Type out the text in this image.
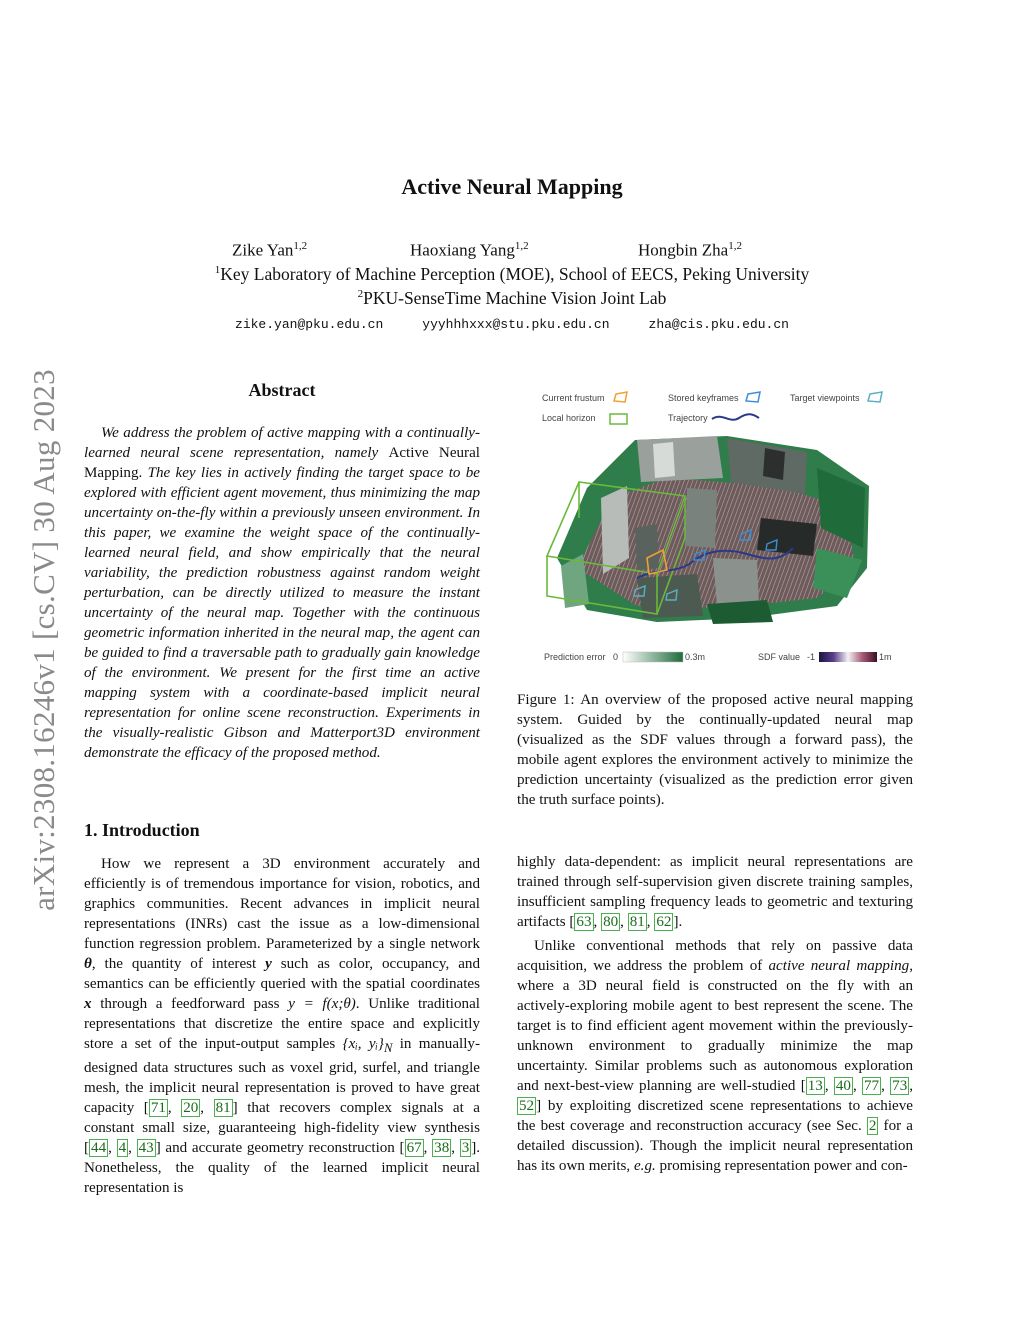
Active Neural Mapping
Zike Yan$^{1,2}$	Haoxiang Yang$^{1,2}$	Hongbin Zha$^{1,2}$
$^1$Key Laboratory of Machine Perception (MOE), School of EECS, Peking University
$^2$PKU-SenseTime Machine Vision Joint Lab
zike.yan@pku.edu.cn	yyyhhhxxx@stu.pku.edu.cn	zha@cis.pku.edu.cn
arXiv:2308.16246v1 [cs.CV] 30 Aug 2023	Abstract

We address the problem of active mapping with a continually-learned neural scene representation, namely Active Neural Mapping. The key lies in actively finding the target space to be explored with efficient agent movement, thus minimizing the map uncertainty on-the-fly within a previously unseen environment. In this paper, we examine the weight space of the continually-learned neural field, and show empirically that the neural variability, the prediction robustness against random weight perturbation, can be directly utilized to measure the instant uncertainty of the neural map. Together with the continuous geometric information inherited in the neural map, the agent can be guided to find a traversable path to gradually gain knowledge of the environment. We present for the first time an active mapping system with a coordinate-based implicit neural representation for online scene reconstruction. Experiments in the visually-realistic Gibson and Matterport3D environment demonstrate the efficacy of the proposed method.

1. Introduction

How we represent a 3D environment accurately and efficiently is of tremendous importance for vision, robotics, and graphics communities. Recent advances in implicit neural representations (INRs) cast the issue as a low-dimensional function regression problem. Parameterized by a single network θ, the quantity of interest y such as color, occupancy, and semantics can be efficiently queried with the spatial coordinates x through a feedforward pass y = f(x;θ). Unlike traditional representations that discretize the entire space and explicitly store a set of the input-output samples {xᵢ, $yᵢ\}_N$ in manually-designed data structures such as voxel grid, surfel, and triangle mesh, the implicit neural representation is proved to have great capacity [ 71 , 20 , 81 ] that recovers complex signals at a constant small size, guaranteeing high-fidelity view synthesis [ 44 , 4 , 43 ] and accurate geometry reconstruction [ 67 , 38 , 3 ]. Nonetheless, the quality of the learned implicit neural representation is

Current frustum	Stored keyframes	Target viewpoints
Local horizon	Trajectory
Prediction error 0	0.3m	SDF value -1	1m

Figure 1: An overview of the proposed active neural mapping system. Guided by the continually-updated neural map (visualized as the SDF values through a forward pass), the mobile agent explores the environment actively to minimize the prediction uncertainty (visualized as the prediction error given the truth surface points).

highly data-dependent: as implicit neural representations are trained through self-supervision given discrete training samples, insufficient sampling frequency leads to geometric and texturing artifacts [ 63 , 80 , 81 , 62 ].

Unlike conventional methods that rely on passive data acquisition, we address the problem of active neural mapping, where a 3D neural field is constructed on the fly with an actively-exploring mobile agent to best represent the scene. The target is to find efficient agent movement within the previously-unknown environment to gradually minimize the map uncertainty. Similar problems such as autonomous exploration and next-best-view planning are well-studied [ 13 , 40 , 77 , 73 , 52 ] by exploiting discretized scene representations to achieve the best coverage and reconstruction accuracy (see Sec. 2 for a detailed discussion). Though the implicit neural representation has its own merits, e.g. promising representation power and con-
